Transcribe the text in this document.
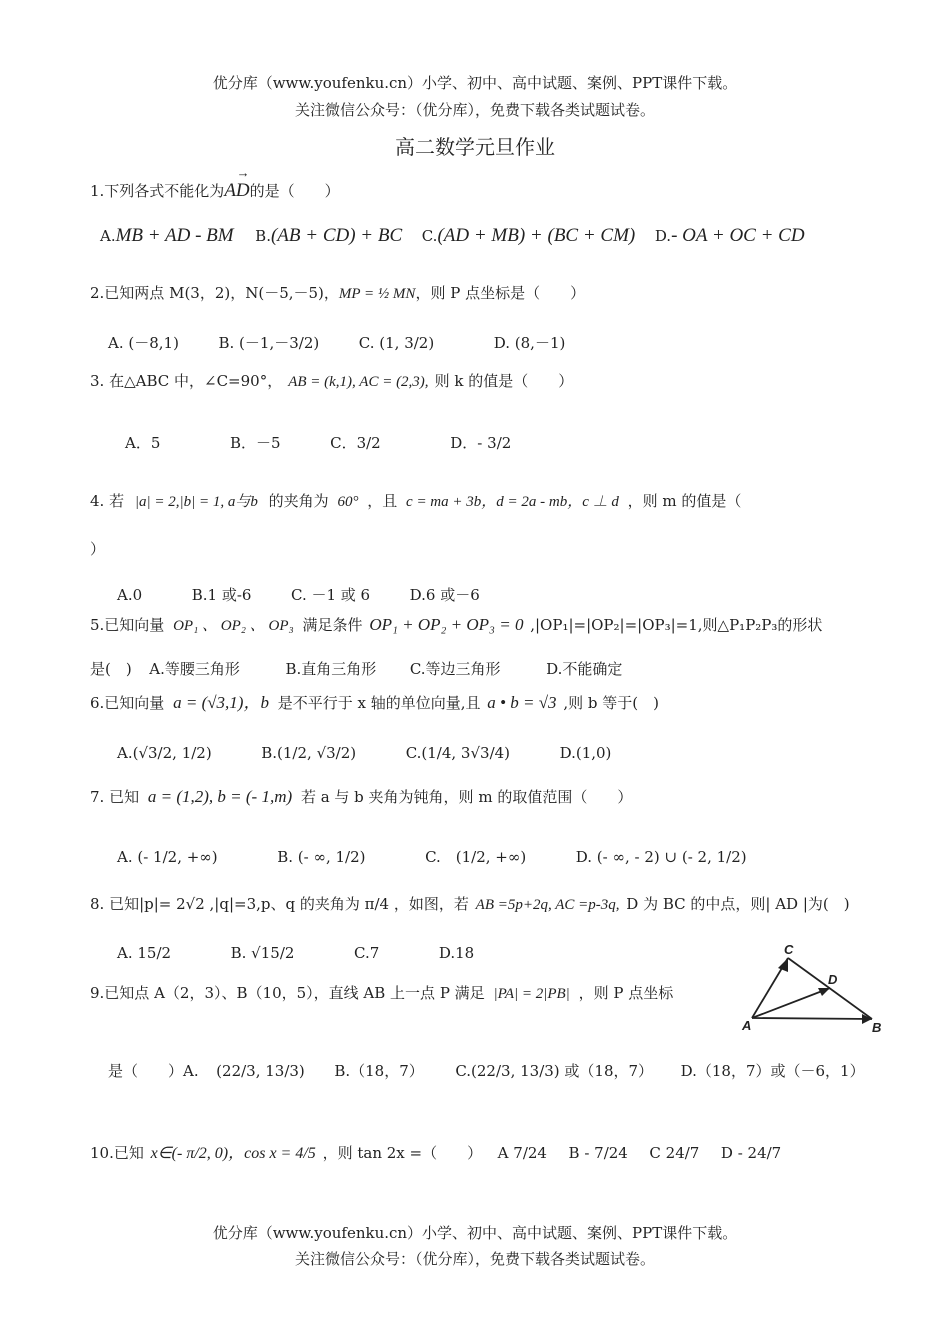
优分库（www.youfenku.cn）小学、初中、高中试题、案例、PPT课件下载。
关注微信公众号：（优分库），免费下载各类试题试卷。
高二数学元旦作业
1.下列各式不能化为→ AD的是（　　）
A.MB + AD - BM B.(AB + CD) + BC C.(AD + MB) + (BC + CM) D.- OA + OC + CD
2.已知两点 M(3，2)，N(－5,－5)，MP = ½ MN，则 P 点坐标是（　　）
A. (－8,1)	B. (－1,－3/2)	C. (1, 3/2)	D. (8,－1)
3. 在△ABC 中，∠C=90°， AB = (k,1), AC = (2,3), 则 k 的值是（　　）
A．5	B．－5	C．3/2	D．- 3/2
4. 若 |a| = 2,|b| = 1, a与b 的夹角为 60° ，且 c = ma + 3b，d = 2a - mb，c ⊥ d ，则 m 的值是（
）
A.0	B.1 或-6	C. －1 或 6	D.6 或－6
5.已知向量 OP₁ 、 OP₂ 、 OP₃ 满足条件 OP₁ + OP₂ + OP₃ = 0 ,|OP₁|=|OP₂|=|OP₃|=1,则△P₁P₂P₃的形状
是(　) A.等腰三角形	B.直角三角形 C.等边三角形	D.不能确定
6.已知向量 a = (√3,1)，b 是不平行于 x 轴的单位向量,且 a • b = √3 ,则 b 等于(　)
A.(√3/2, 1/2)	B.(1/2, √3/2)	C.(1/4, 3√3/4)	D.(1,0)
7. 已知 a = (1,2), b = (- 1,m) 若 a 与 b 夹角为钝角，则 m 的取值范围（　　）
A. (- 1/2, +∞)	B. (- ∞, 1/2)	C.　(1/2, +∞)	D. (- ∞, - 2) ∪ (- 2, 1/2)
8. 已知|p|= 2√2 ,|q|=3,p、q 的夹角为 π/4 ，如图，若 AB =5p+2q, AC =p-3q, D 为 BC 的中点，则| AD |为(　)
A. 15/2	B. √15/2	C.7	D.18
A	B
C
D
9.已知点 A（2，3）、B（10，5），直线 AB 上一点 P 满足 |PA| = 2|PB| ，则 P 点坐标
是（　　）A. (22/3, 13/3) B.（18，7） C.(22/3, 13/3) 或（18，7） D.（18，7）或（－6，1）
10.已知 x∈(- π/2, 0)，cos x = 4/5 ，则 tan 2x =（　　） A 7/24 B - 7/24 C 24/7 D - 24/7
优分库（www.youfenku.cn）小学、初中、高中试题、案例、PPT课件下载。
关注微信公众号：（优分库），免费下载各类试题试卷。
